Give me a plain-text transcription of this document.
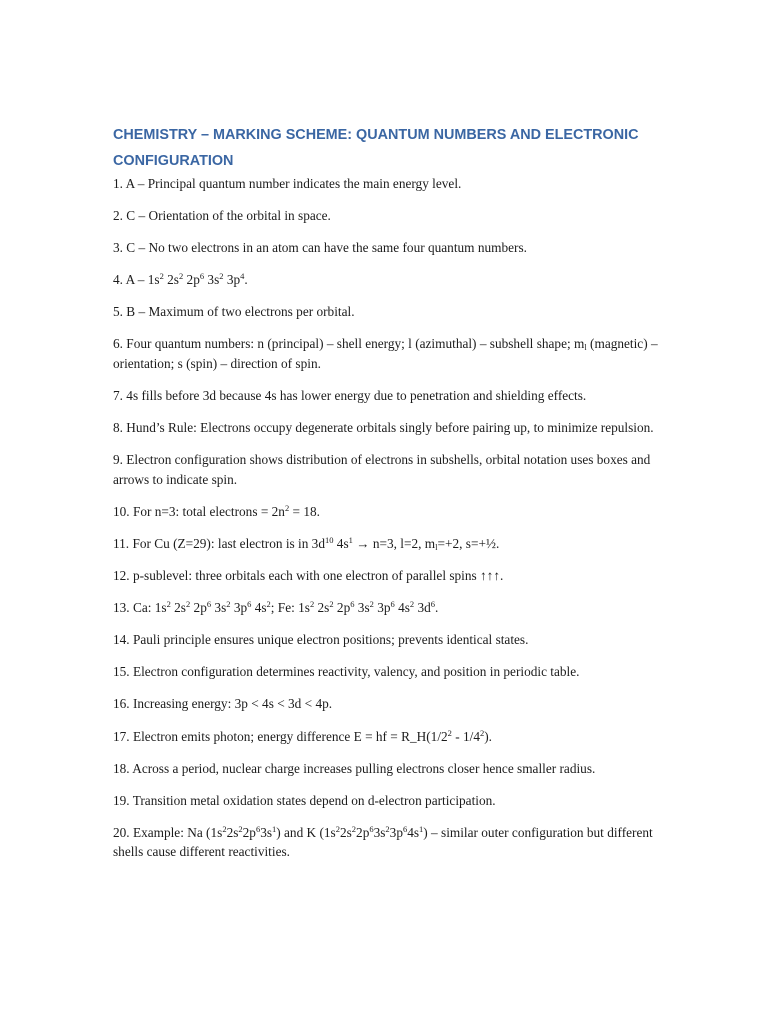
CHEMISTRY – MARKING SCHEME: QUANTUM NUMBERS AND ELECTRONIC CONFIGURATION

1. A – Principal quantum number indicates the main energy level.

2. C – Orientation of the orbital in space.

3. C – No two electrons in an atom can have the same four quantum numbers.

4. A – $1s^2$ $2s^2$ $2p^6$ $3s^2$ $3p^4$.

5. B – Maximum of two electrons per orbital.

6. Four quantum numbers: n (principal) – shell energy; l (azimuthal) – subshell shape; $m_l$ (magnetic) – orientation; s (spin) – direction of spin.

7. 4s fills before 3d because 4s has lower energy due to penetration and shielding effects.

8. Hund’s Rule: Electrons occupy degenerate orbitals singly before pairing up, to minimize repulsion.

9. Electron configuration shows distribution of electrons in subshells, orbital notation uses boxes and arrows to indicate spin.

10. For n=3: total electrons = $2n^2 = 18$.

11. For Cu (Z=29): last electron is in $3d^{10}$ $4s^1 \to n=3$, l=2, $m_l=+2$, s=+½.

12. p-sublevel: three orbitals each with one electron of parallel spins ↑↑↑.

13. Ca: $1s^2$ $2s^2$ $2p^6$ $3s^2$ $3p^6$ $4s^2$; Fe: $1s^2$ $2s^2$ $2p^6$ $3s^2$ $3p^6$ $4s^2$ $3d^6$.

14. Pauli principle ensures unique electron positions; prevents identical states.

15. Electron configuration determines reactivity, valency, and position in periodic table.

16. Increasing energy: 3p < 4s < 3d < 4p.

17. Electron emits photon; energy difference E = hf = $R\_H(1/2^2 - 1/4^2)$.

18. Across a period, nuclear charge increases pulling electrons closer hence smaller radius.

19. Transition metal oxidation states depend on d-electron participation.

20. Example: Na $(1s^22s^22p^63s^1)$ and K $(1s^22s^22p^63s^23p^64s^1)$ – similar outer configuration but different shells cause different reactivities.
